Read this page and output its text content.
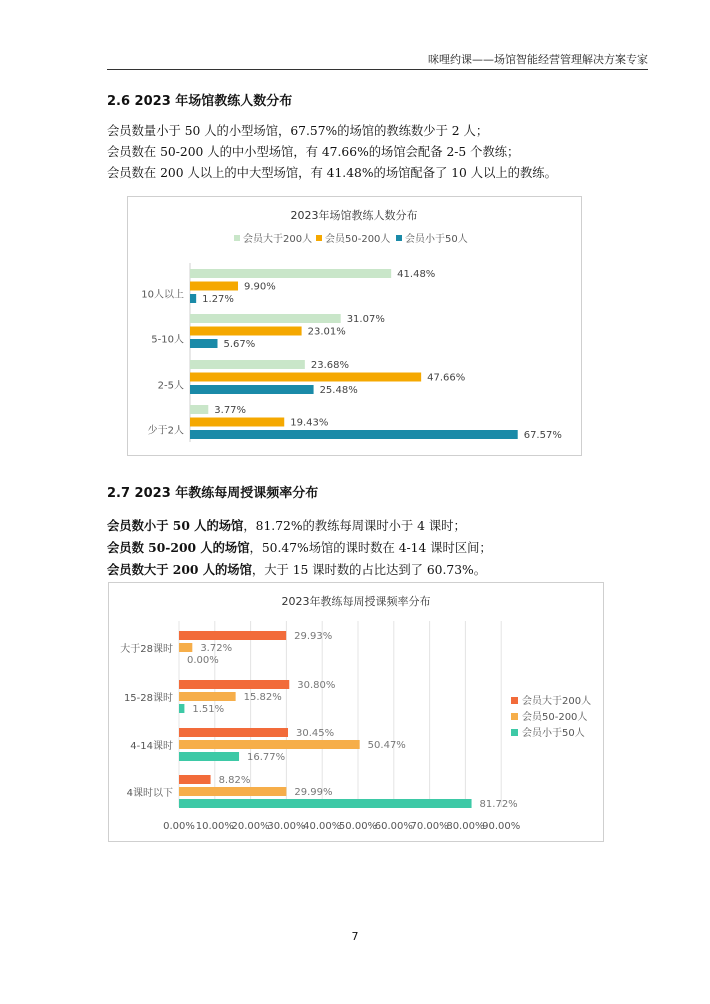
咪哩约课——场馆智能经营管理解决方案专家
2.6 2023 年场馆教练人数分布
会员数量小于 50 人的小型场馆，67.57%的场馆的教练数少于 2 人；
会员数在 50-200 人的中小型场馆，有 47.66%的场馆会配备 2-5 个教练；
会员数在 200 人以上的中大型场馆，有 41.48%的场馆配备了 10 人以上的教练。
2023年场馆教练人数分布
会员大于200人 会员50-200人 会员小于50人
10人以上
41.48%
9.90%
1.27%
5-10人
31.07%
23.01%
5.67%
2-5人
23.68%
47.66%
25.48%
少于2人
3.77%
19.43%
67.57%
2.7 2023 年教练每周授课频率分布
会员数小于 50 人的场馆，81.72%的教练每周课时小于 4 课时；
会员数 50-200 人的场馆，50.47%场馆的课时数在 4-14 课时区间；
会员数大于 200 人的场馆，大于 15 课时数的占比达到了 60.73%。
2023年教练每周授课频率分布
0.00% 10.00%
20.00%
30.00%
40.00%
50.00%
60.00%
70.00%
80.00%
90.00%
大于28课时
29.93%
3.72%
0.00%
15-28课时
30.80%
15.82%
1.51%
4-14课时
30.45%
50.47%
16.77%
4课时以下
8.82%
29.99%
81.72%
会员大于200人
会员50-200人
会员小于50人
7
